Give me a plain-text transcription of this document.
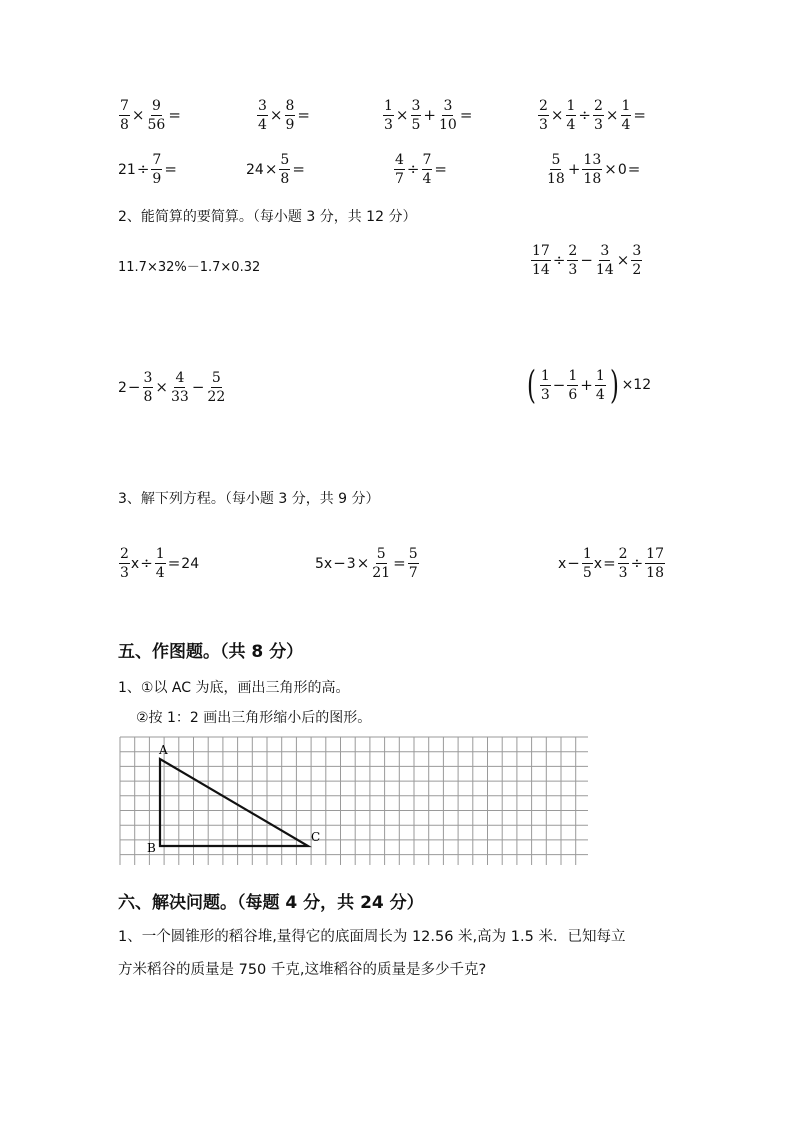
$\frac{7}{8} \times \frac{9}{56}$ =	$\frac{3}{4} \times \frac{8}{9}$ =	$\frac{1}{3} \times \frac{3}{5} + \frac{3}{10}$ =	$\frac{2}{3} \times \frac{1}{4} \div \frac{2}{3} \times \frac{1}{4}$ =
$21 \div \frac{7}{9}$ =	$24 \times \frac{5}{8}$ =	$\frac{4}{7} \div \frac{7}{4}$ =	$\frac{5}{18} + \frac{13}{18} \times 0$ =
2、能简算的要简算。（每小题 3 分，共 12 分）
11.7×32%－1.7×0.32	$\frac{17}{14} \div \frac{2}{3} - \frac{3}{14} \times \frac{3}{2}$
$2 - \frac{3}{8} \times \frac{4}{33} - \frac{5}{22}$	( $\frac{1}{3} - \frac{1}{6} + \frac{1}{4}$ ) ×12
3、解下列方程。（每小题 3 分，共 9 分）
$\frac{2}{3}$ $x \div \frac{1}{4} = 24$	$5x - 3 \times \frac{5}{21} = \frac{5}{7}$	$x - \frac{1}{5}$ $x = \frac{2}{3} \div \frac{17}{18}$
五、作图题。（共 8 分）
1、①以 AC 为底，画出三角形的高。
②按 1：2 画出三角形缩小后的图形。
A
B
C
六、解决问题。（每题 4 分，共 24 分）
1、一个圆锥形的稻谷堆,量得它的底面周长为 12.56 米,高为 1.5 米．已知每立
方米稻谷的质量是 750 千克,这堆稻谷的质量是多少千克?
